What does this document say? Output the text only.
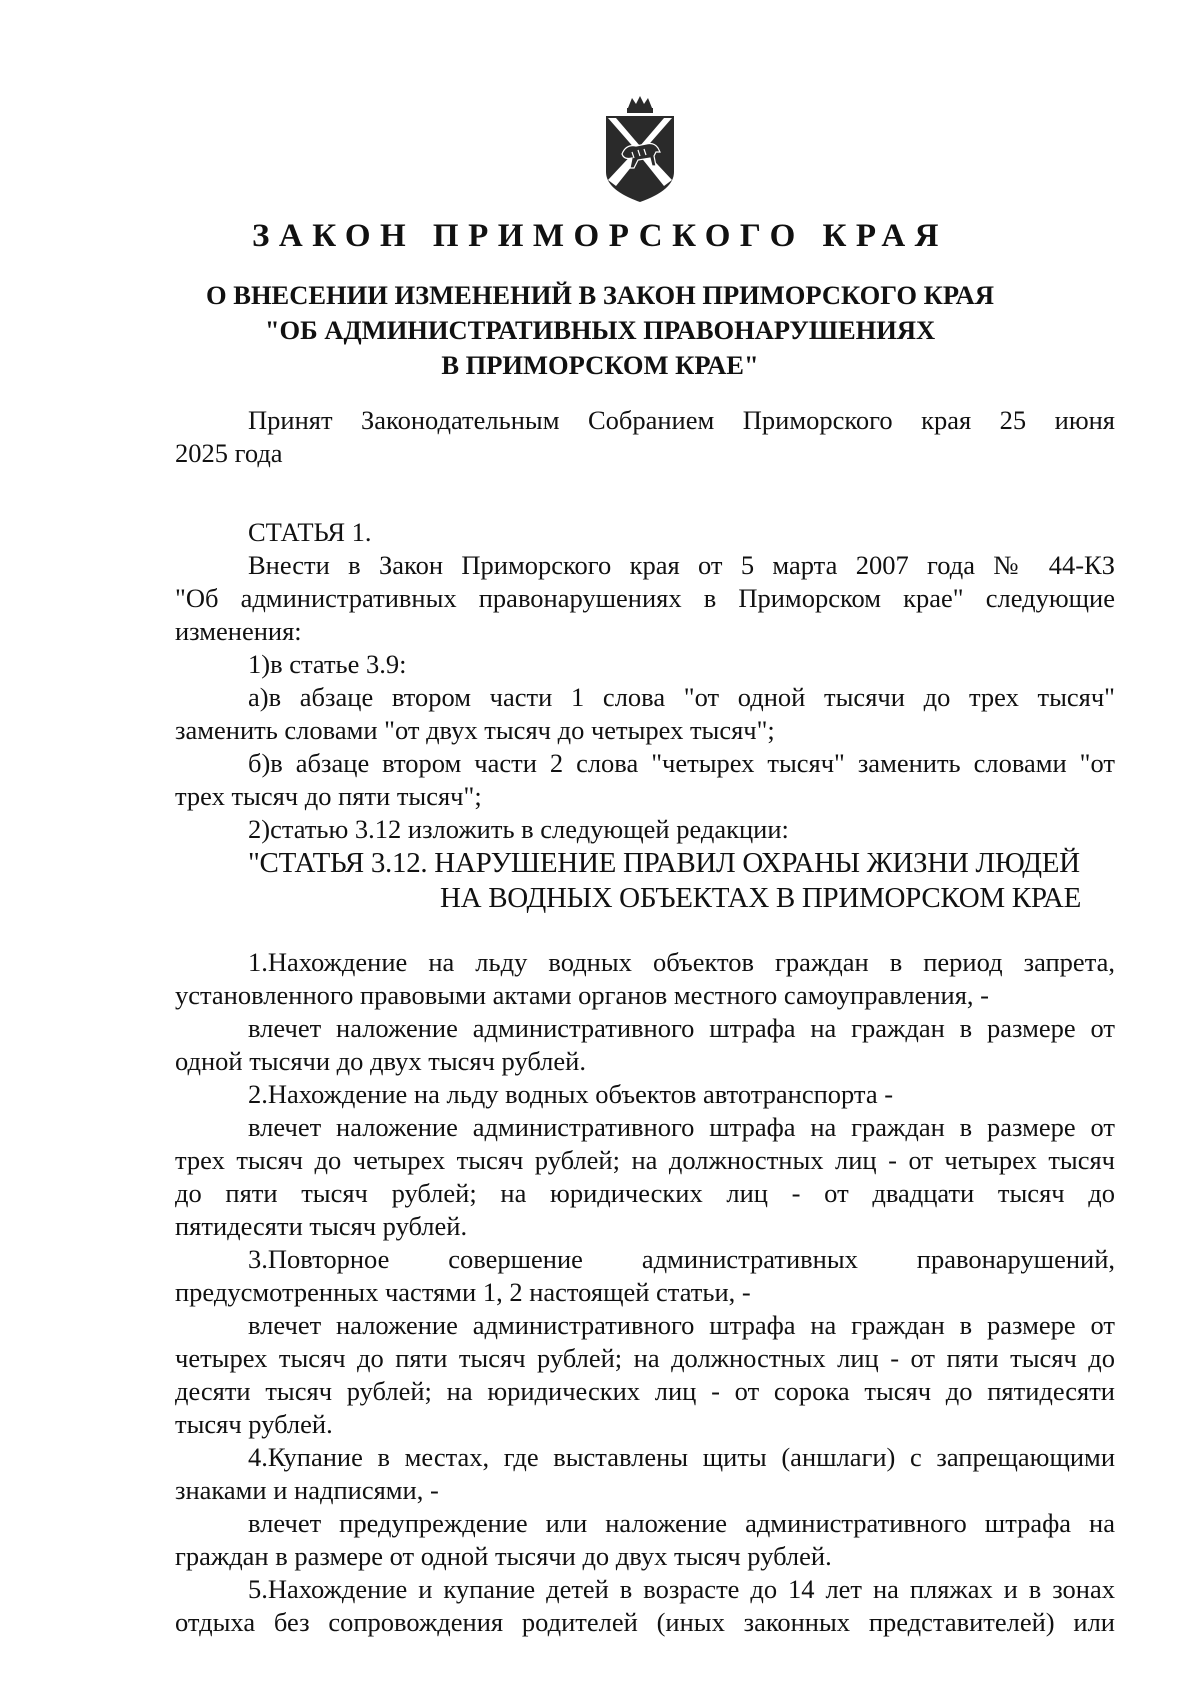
ЗАКОН ПРИМОРСКОГО КРАЯ
О ВНЕСЕНИИ ИЗМЕНЕНИЙ В ЗАКОН ПРИМОРСКОГО КРАЯ
"ОБ АДМИНИСТРАТИВНЫХ ПРАВОНАРУШЕНИЯХ
В ПРИМОРСКОМ КРАЕ"
Принят Законодательным Собранием Приморского края 25 июня
2025 года
СТАТЬЯ 1.
Внести в Закон Приморского края от 5 марта 2007 года № 44-КЗ
"Об административных правонарушениях в Приморском крае" следующие
изменения:
1)в статье 3.9:
а)в абзаце втором части 1 слова "от одной тысячи до трех тысяч"
заменить словами "от двух тысяч до четырех тысяч";
б)в абзаце втором части 2 слова "четырех тысяч" заменить словами "от
трех тысяч до пяти тысяч";
2)статью 3.12 изложить в следующей редакции:
"СТАТЬЯ 3.12. НАРУШЕНИЕ ПРАВИЛ ОХРАНЫ ЖИЗНИ ЛЮДЕЙ
НА ВОДНЫХ ОБЪЕКТАХ В ПРИМОРСКОМ КРАЕ
1.Нахождение на льду водных объектов граждан в период запрета,
установленного правовыми актами органов местного самоуправления, -
влечет наложение административного штрафа на граждан в размере от
одной тысячи до двух тысяч рублей.
2.Нахождение на льду водных объектов автотранспорта -
влечет наложение административного штрафа на граждан в размере от
трех тысяч до четырех тысяч рублей; на должностных лиц - от четырех тысяч
до пяти тысяч рублей; на юридических лиц - от двадцати тысяч до
пятидесяти тысяч рублей.
3.Повторное совершение административных правонарушений,
предусмотренных частями 1, 2 настоящей статьи, -
влечет наложение административного штрафа на граждан в размере от
четырех тысяч до пяти тысяч рублей; на должностных лиц - от пяти тысяч до
десяти тысяч рублей; на юридических лиц - от сорока тысяч до пятидесяти
тысяч рублей.
4.Купание в местах, где выставлены щиты (аншлаги) с запрещающими
знаками и надписями, -
влечет предупреждение или наложение административного штрафа на
граждан в размере от одной тысячи до двух тысяч рублей.
5.Нахождение и купание детей в возрасте до 14 лет на пляжах и в зонах
отдыха без сопровождения родителей (иных законных представителей) или
